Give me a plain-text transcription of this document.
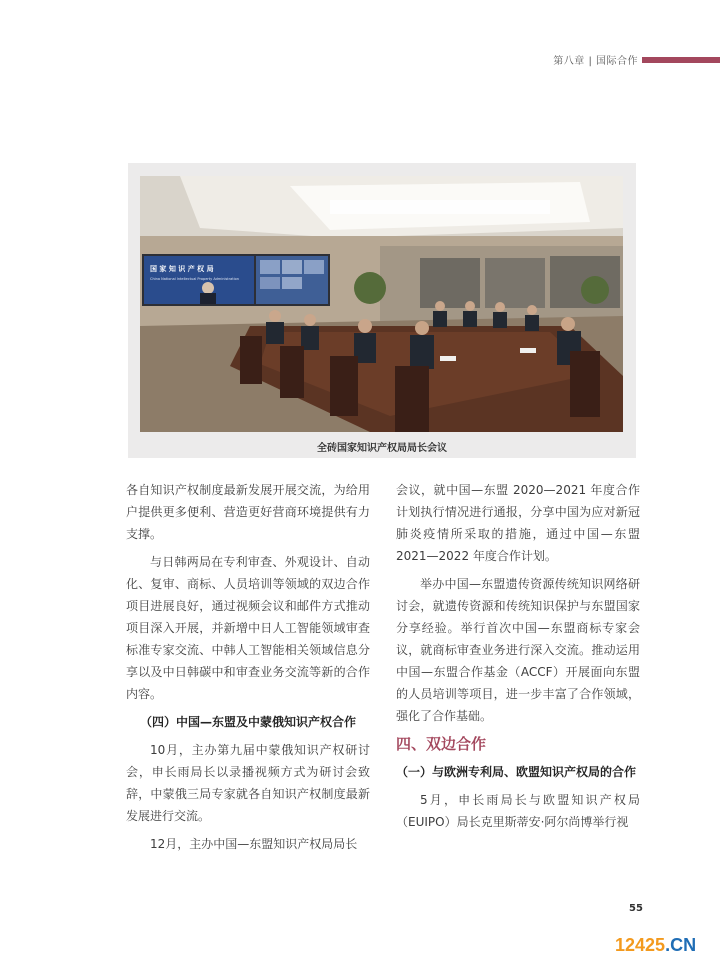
第八章 | 国际合作
国 家 知 识 产 权 局
China National Intellectual Property Administration
全砖国家知识产权局局长会议

各自知识产权制度最新发展开展交流，为给用户提供更多便利、营造更好营商环境提供有力支撑。

与日韩两局在专利审查、外观设计、自动化、复审、商标、人员培训等领域的双边合作项目进展良好，通过视频会议和邮件方式推动项目深入开展，并新增中日人工智能领域审查标准专家交流、中韩人工智能相关领域信息分享以及中日韩碳中和审查业务交流等新的合作内容。

（四）中国—东盟及中蒙俄知识产权合作

10月，主办第九届中蒙俄知识产权研讨会，申长雨局长以录播视频方式为研讨会致辞，中蒙俄三局专家就各自知识产权制度最新发展进行交流。

12月，主办中国—东盟知识产权局局长

会议，就中国—东盟 2020—2021 年度合作计划执行情况进行通报，分享中国为应对新冠肺炎疫情所采取的措施，通过中国—东盟 2021—2022 年度合作计划。

举办中国—东盟遗传资源传统知识网络研讨会，就遗传资源和传统知识保护与东盟国家分享经验。举行首次中国—东盟商标专家会议，就商标审查业务进行深入交流。推动运用中国—东盟合作基金（ACCF）开展面向东盟的人员培训等项目，进一步丰富了合作领域，强化了合作基础。

四、双边合作
（一）与欧洲专利局、欧盟知识产权局的合作

5月，申长雨局长与欧盟知识产权局（EUIPO）局长克里斯蒂安·阿尔尚博举行视

55
12425.CN
